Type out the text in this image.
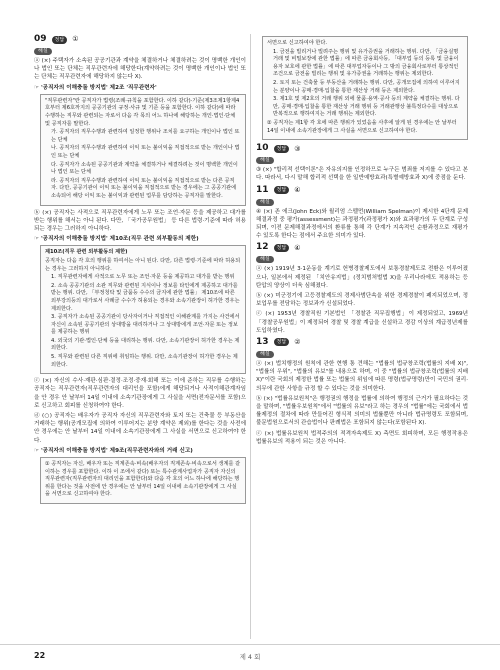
09	정답	①
해설
ⓐ (×) 주택자가 소속된 공공기관과 계약을 체결하거나 체결하려는 것이 명백한 개인이나 법인 또는 단체는 직무관련자에 해당한다(계약하려는 것이 명백한 개인이나 법인 또는 단체는 직무관련자에 해당하지 않는다 X).
☞ '공직자의 이해충돌 방지법' 제2조 '직무관련자'
"직무관련자"란 공직자가 법령(조례·규칙을 포함한다. 이하 같다)·기준(제3조제1항제4호부터 제6호까지의 공공기관의 규정·사규 및 기준 등을 포함한다. 이하 같다)에 따라 수행하는 직무와 관련되는 자로서 다음 각 목의 어느 하나에 해당하는 개인·법인·단체 및 공직자를 말한다.
가. 공직자의 직무수행과 관련하여 일정한 행위나 조치를 요구하는 개인이나 법인 또는 단체
나. 공직자의 직무수행과 관련하여 이익 또는 불이익을 직접적으로 받는 개인이나 법인 또는 단체
다. 공직자가 소속된 공공기관과 계약을 체결하거나 체결하려는 것이 명백한 개인이나 법인 또는 단체
라. 공직자의 직무수행과 관련하여 이익 또는 불이익을 직접적으로 받는 다른 공직자. 다만, 공공기관이 이익 또는 불이익을 직접적으로 받는 경우에는 그 공공기관에 소속되어 해당 이익 또는 불이익과 관련된 업무를 담당하는 공직자를 말한다.
ⓑ (×) 공직자는 사적으로 직무관련자에게 노무 또는 조언·자문 등을 제공하고 대가를 받는 행위를 해서는 아니 된다. 다만, 「국가공무원법」 등 다른 법령·기준에 따라 허용되는 경우는 그러하지 아니하다.
☞ '공직자의 이해충돌 방지법' 제10조(직무 관련 외부활동의 제한)
제10조(직무 관련 외부활동의 제한)
공직자는 다음 각 호의 행위를 하여서는 아니 된다. 다만, 다른 법령·기준에 따라 허용되는 경우는 그러하지 아니하다.
1. 직무관련자에게 사적으로 노무 또는 조언·자문 등을 제공하고 대가를 받는 행위
2. 소속 공공기관의 소관 직무와 관련된 지식이나 정보를 타인에게 제공하고 대가를 받는 행위. 다만, 「부정청탁 및 금품등 수수의 금지에 관한 법률」 제10조에 따른 외부강의등의 대가로서 사례금 수수가 허용되는 경우와 소속기관장이 허가한 경우는 제외한다.
3. 공직자가 소속된 공공기관이 당사자이거나 직접적인 이해관계를 가지는 사건에서 자신이 소속된 공공기관의 상대방을 대리하거나 그 상대방에게 조언·자문 또는 정보를 제공하는 행위
4. 외국의 기관·법인·단체 등을 대리하는 행위. 다만, 소속기관장이 허가한 경우는 제외한다.
5. 직무와 관련된 다른 직위에 취임하는 행위. 다만, 소속기관장이 허가한 경우는 제외한다.
ⓒ (×) 자신의 수사·재판·심판·결정·조정·중재·회해 또는 이에 준하는 직무를 수행하는 공직자는 직무관련자(직무관련자의 대리인을 포함)에게 해당되거나 사적이해관계자임을 안 경우 안 날부터 14일 이내에 소속기관장에게 그 사실을 서면(전자문서를 포함)으로 신고하고 회피를 신청하여야 한다.
ⓓ (○) 공직자는 배우자가 공직자 자신의 직무관련자와 토지 또는 건축물 등 부동산을 거래하는 행위(공개모집에 의하여 이루어지는 분양 계약은 제외)를 한다는 것을 사전에 안 경우에는 안 날부터 14일 이내에 소속기관장에게 그 사실을 서면으로 신고하여야 한다.
☞ '공직자의 이해충돌 방지법' 제9조(직무관련자와의 거래 신고)
① 공직자는 자신, 배우자 또는 직계존속·비속(배우자의 직계존속·비속으로서 생계를 같이하는 경우를 포함한다. 이하 이 조에서 같다) 또는 특수관계사업자가 공직자 자신의 직무관련자(직무관련자의 대리인을 포함한다)와 다음 각 호의 어느 하나에 해당하는 행위를 한다는 것을 사전에 안 경우에는 안 날부터 14일 이내에 소속기관장에게 그 사실을 서면으로 신고하여야 한다.
서면으로 신고하여야 한다.
1. 금전을 빌리거나 빌려주는 행위 및 유가증권을 거래하는 행위. 다만, 「금융실명거래 및 비밀보장에 관한 법률」에 따른 금융회사등, 「대부업 등의 등록 및 금융이용자 보호에 관한 법률」에 따른 대부업자등이나 그 밖의 금융회사로부터 통상적인 조건으로 금전을 빌리는 행위 및 유가증권을 거래하는 행위는 제외한다.
2. 토지 또는 건축물 등 부동산을 거래하는 행위. 다만, 공개모집에 의하여 이루어지는 분양이나 공매·경매·입찰을 통한 재산상 거래 등은 제외한다.
3. 제1호 및 제2호의 거래 행위 외에 물품·용역·공사 등의 계약을 체결하는 행위. 다만, 공매·경매·입찰을 통한 재산상 거래 행위 등 거래관행상 불특정다수를 대상으로 반복적으로 행하여지는 거래 행위는 제외한다.
② 공직자는 제1항 각 호에 따른 행위가 있었음을 사후에 알게 된 경우에는 안 날부터 14일 이내에 소속기관장에게 그 사실을 서면으로 신고하여야 한다.
10	정답	③
해설
③ (×) "합리적 선택이론"은 자유의지를 인정하므로 누구든 범죄를 저지를 수 있다고 본다. 따라서, 다시 말해 합리적 선택을 한 일반예방효과(특별예방효과 X)에 중점을 둔다.
11	정답	④
해설
④ (×) 존 에크(John Eck)와 윌리엄 스펠먼(William Spelman)이 제시한 4단계 문제해결과정 중 평가(assessment)는 과정평가(과정평가 X)와 효과평가의 두 단계로 구성되며, 이전 문제해결과정에서의 환류를 통해 각 단계가 지속적인 순환과정으로 재평가 수 있도록 한다는 점에서 주요한 의미가 있다.
12	정답	④
해설
ⓐ (×) 1919년 3·1운동을 계기로 헌병경찰제도에서 보통경찰제도로 전환은 이루어졌으나, 일본에서 제정된 「치안유지법」(정치범처벌법 X)을 우리나라에도 적용하는 등 탄압의 양상이 더욱 심해졌다.
ⓑ (×) 미군정기에 고등경찰제도의 경제사범단속을 위한 경제경찰이 폐지되었으며, 정보업무를 전담하는 정보과가 신설되었다.
ⓒ (×) 1953년 경찰직원 기본법인 「경찰관 직무집행법」이 제정되었고, 1969년 「경찰공무원법」이 제정되어 경찰 및 경찰 계급을 신설하고 경감 이상의 계급정년제를 도입하였다.
13	정답	②
해설
ⓐ (×) 법치행정의 원칙에 관한 현행 통 견해는 "법률의 법규창조력(법률의 지배 X)", "법률의 우위", "법률의 유보"를 내용으로 하며, 이 중 "법률의 법규창조력(법률의 지배 X)"이란 국회의 제정한 법률 또는 법률의 위임에 따른 명령(법규명령)만이 국민의 권리·의무에 관한 사항을 규정 할 수 있다는 것을 의미한다.
ⓑ (×) "법률유보원칙"은 행정권의 행정을 법률에 의하여 행정의 근거가 필요하다는 것을 말하며, "법률우보원칙"에서 "법률의 유보"라고 하는 경우의 "법률"에는 국회에서 법률제정의 절차에 따라 만들어진 형식적 의미의 법률뿐만 아니라 법규명령도 포함되며, 불문법원으로서의 관습법이나 판례법은 포함되지 않는다(포함된다 X).
ⓒ (×) 법률유보원칙 법적주의의 적격자속제도 X) 측면도 회피하며, 모든 행정작용은 법률유보의 적용이 되는 것은 아니다.
22	제 4 회
